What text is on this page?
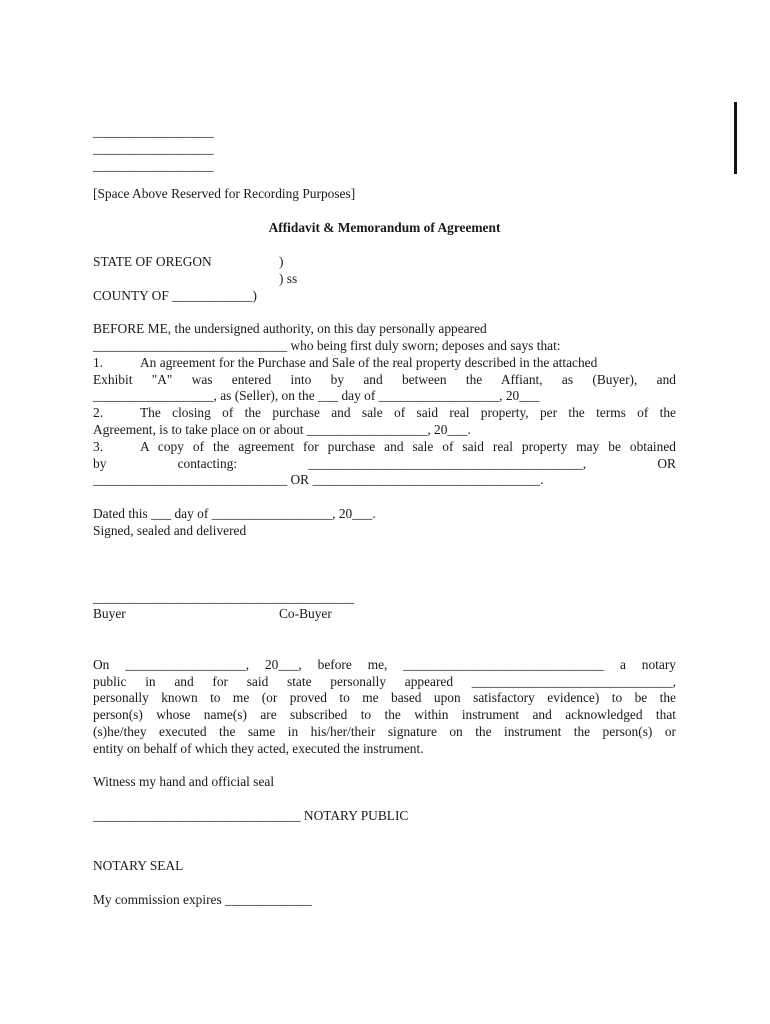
__________________
__________________
__________________
[Space Above Reserved for Recording Purposes]
Affidavit & Memorandum of Agreement
STATE OF OREGON	)
) ss
COUNTY OF ____________)
BEFORE ME, the undersigned authority, on this day personally appeared
_____________________________ who being first duly sworn; deposes and says that:
1.	An agreement for the Purchase and Sale of the real property described in the attached
Exhibit "A" was entered into by and between the Affiant, as (Buyer), and
__________________, as (Seller), on the ___ day of __________________, 20___
2.	The closing of the purchase and sale of said real property, per the terms of the
Agreement, is to take place on or about __________________, 20___.
3.	A copy of the agreement for purchase and sale of said real property may be obtained
by	contacting:	_________________________________________,	OR
_____________________________ OR __________________________________.
Dated this ___ day of __________________, 20___.
Signed, sealed and delivered
_______________________________________
Buyer	Co-Buyer
On __________________, 20___, before me, ______________________________ a notary
public in and for said state personally appeared ______________________________,
personally known to me (or proved to me based upon satisfactory evidence) to be the
person(s) whose name(s) are subscribed to the within instrument and acknowledged that
(s)he/they executed the same in his/her/their signature on the instrument the person(s) or
entity on behalf of which they acted, executed the instrument.
Witness my hand and official seal
_______________________________ NOTARY PUBLIC
NOTARY SEAL
My commission expires _____________
